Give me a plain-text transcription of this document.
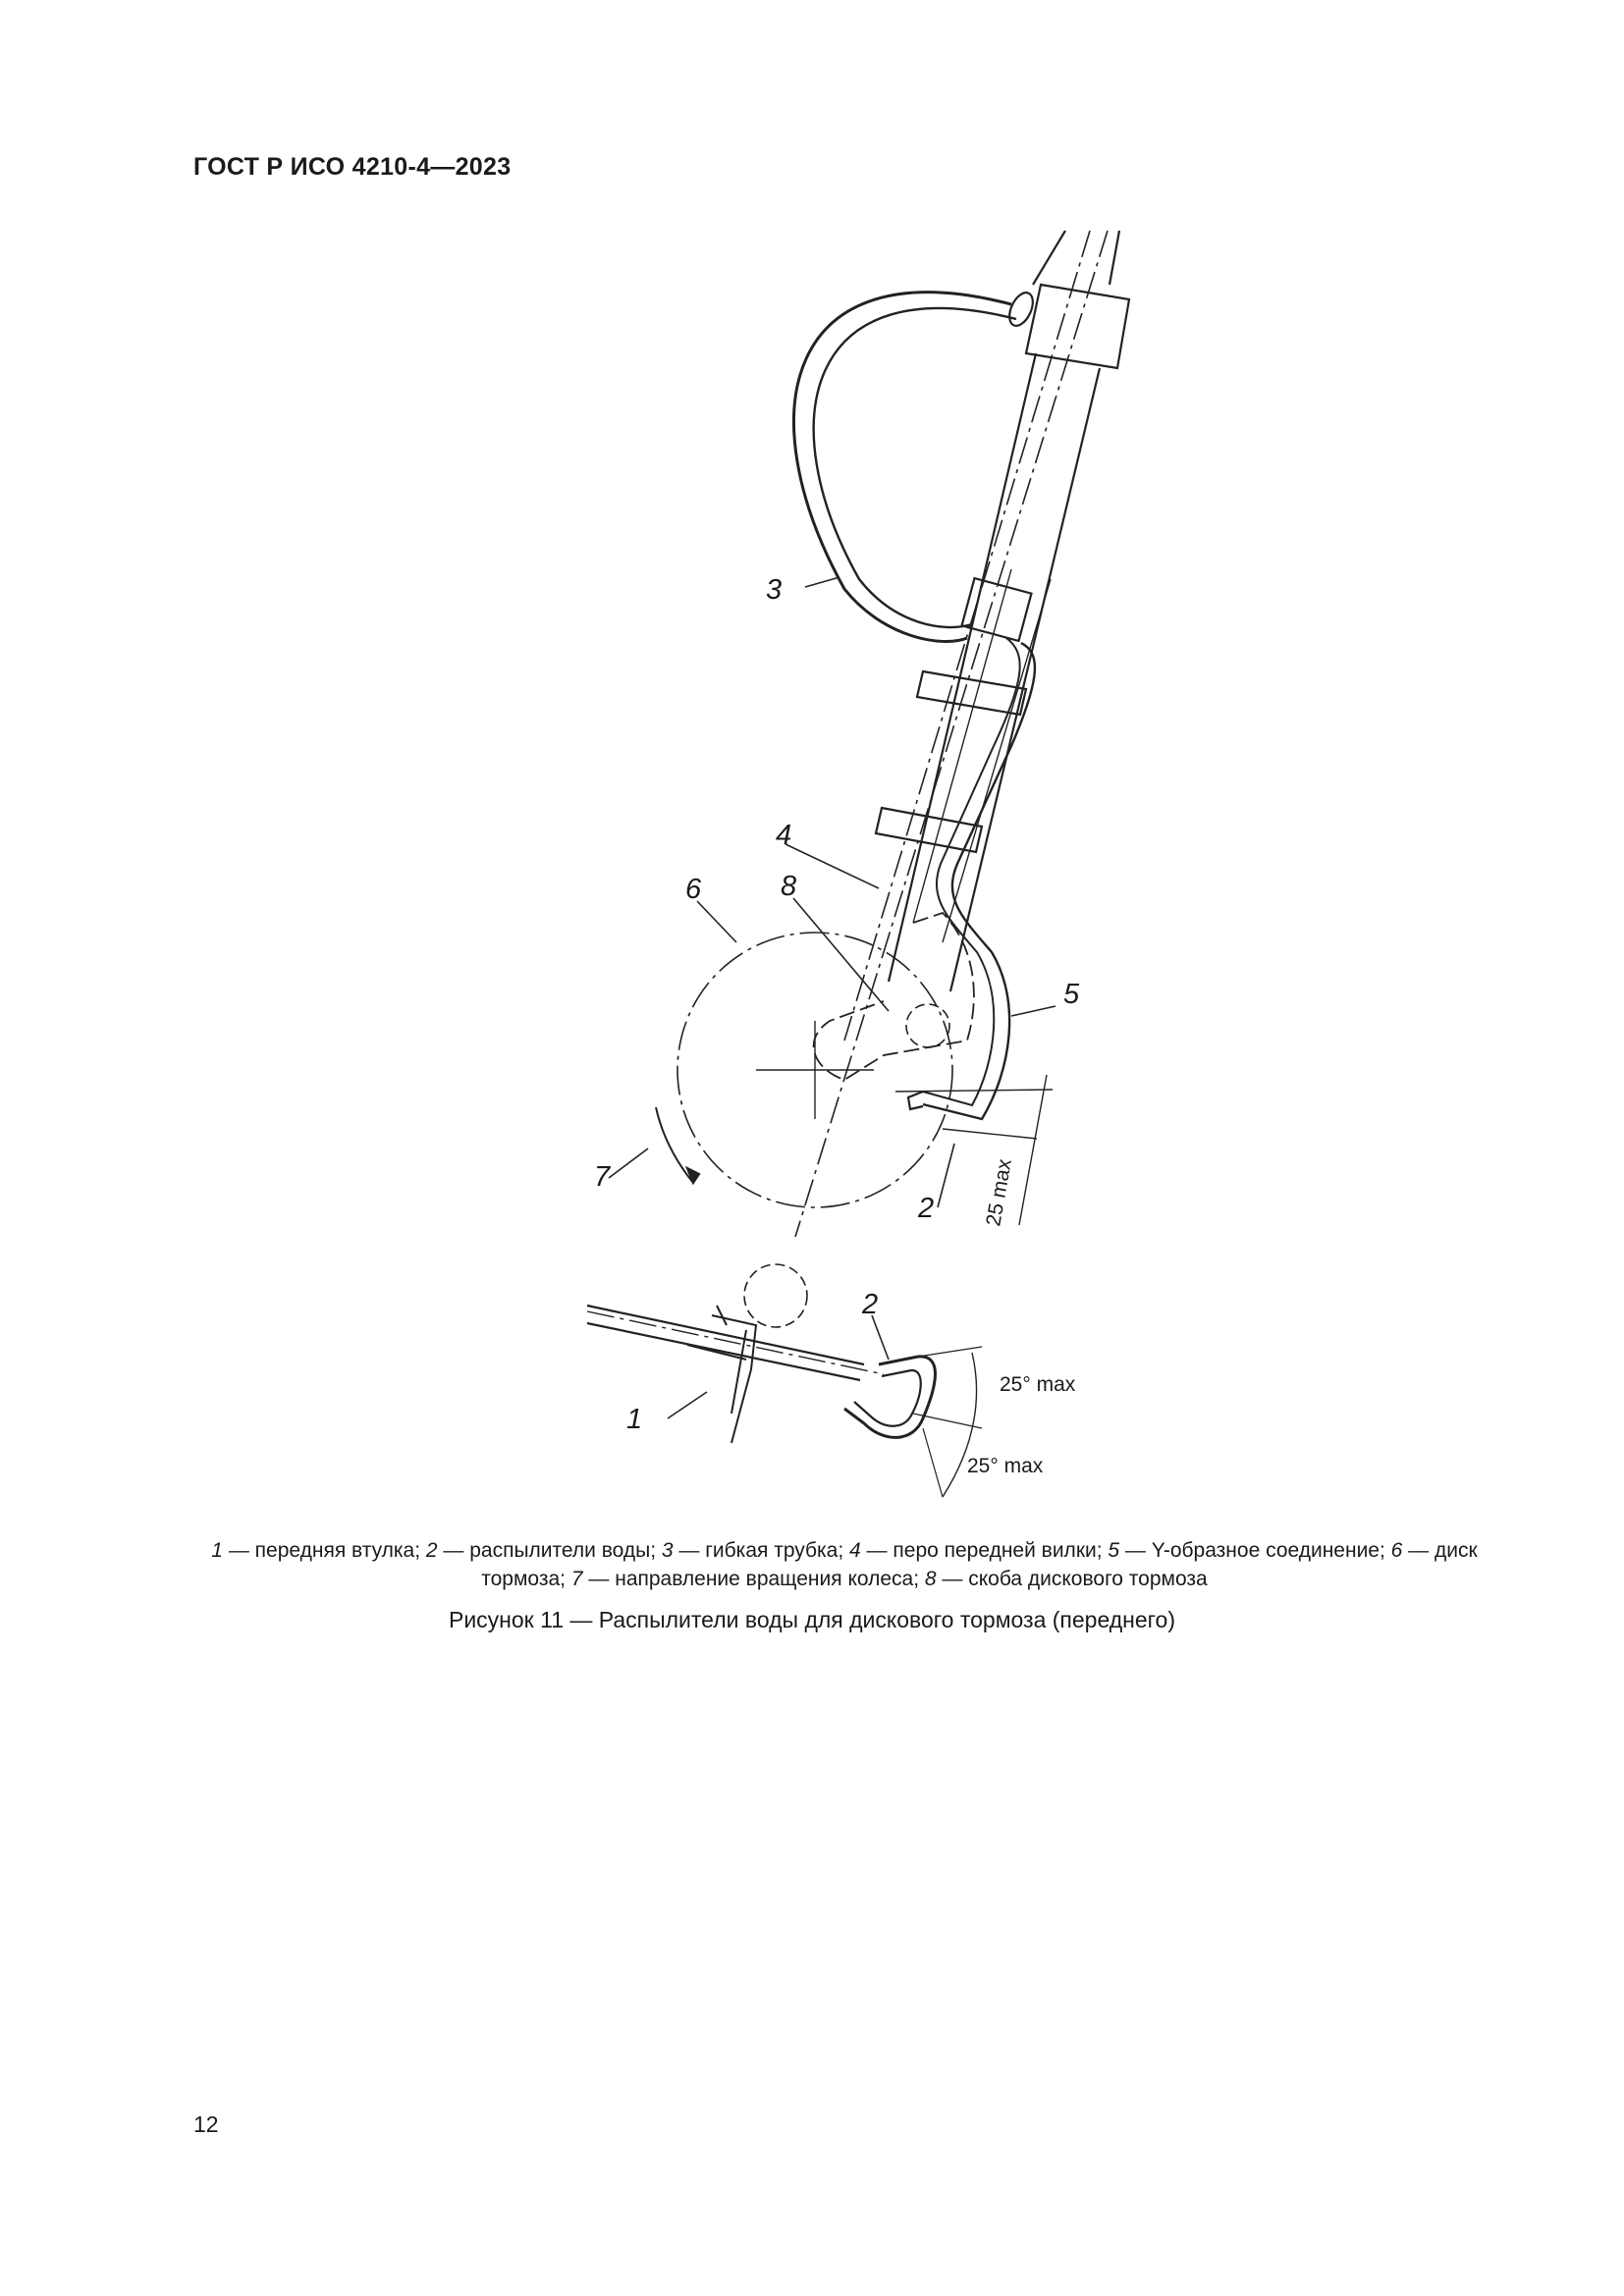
ГОСТ Р ИСО 4210-4—2023
1
2
3
4
5
6
7
8
2
25 max
25° max
25° max
1 — передняя втулка; 2 — распылители воды; 3 — гибкая трубка; 4 — перо передней вилки; 5 — Y-образное соединение; 6 — диск тормоза; 7 — направление вращения колеса; 8 — скоба дискового тормоза
Рисунок 11 — Распылители воды для дискового тормоза (переднего)
12
